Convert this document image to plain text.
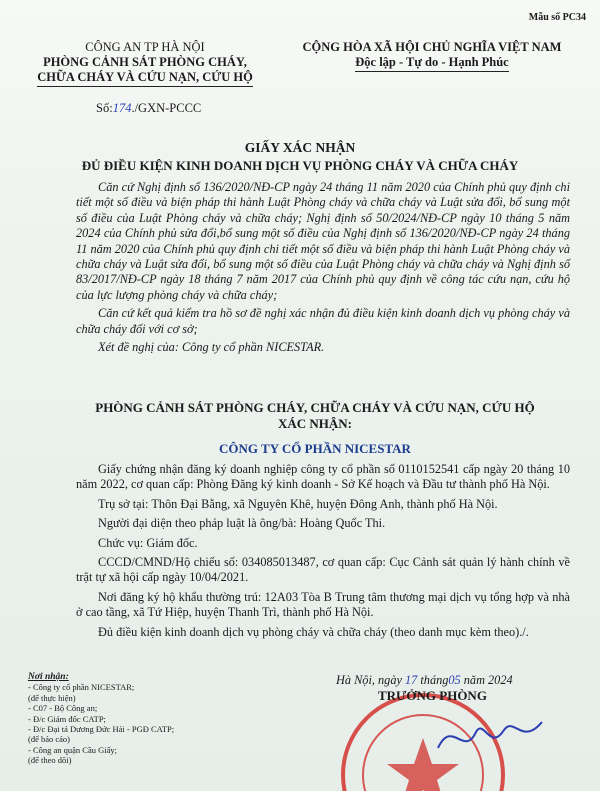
Mẫu số PC34
CÔNG AN TP HÀ NỘI
PHÒNG CẢNH SÁT PHÒNG CHÁY,
CHỮA CHÁY VÀ CỨU NẠN, CỨU HỘ
CỘNG HÒA XÃ HỘI CHỦ NGHĨA VIỆT NAM
Độc lập - Tự do - Hạnh Phúc
Số:174./GXN-PCCC
GIẤY XÁC NHẬN
ĐỦ ĐIỀU KIỆN KINH DOANH DỊCH VỤ PHÒNG CHÁY VÀ CHỮA CHÁY

Căn cứ Nghị định số 136/2020/NĐ-CP ngày 24 tháng 11 năm 2020 của Chính phủ quy định chi tiết một số điều và biện pháp thi hành Luật Phòng cháy và chữa cháy và Luật sửa đổi, bổ sung một số điều của Luật Phòng cháy và chữa cháy; Nghị định số 50/2024/NĐ-CP ngày 10 tháng 5 năm 2024 của Chính phủ sửa đổi,bổ sung một số điều của Nghị định số 136/2020/NĐ-CP ngày 24 tháng 11 năm 2020 của Chính phủ quy định chi tiết một số điều và biện pháp thi hành Luật Phòng cháy và chữa cháy và Luật sửa đổi, bổ sung một số điều của Luật Phòng cháy và chữa cháy và Nghị định số 83/2017/NĐ-CP ngày 18 tháng 7 năm 2017 của Chính phủ quy định về công tác cứu nạn, cứu hộ của lực lượng phòng cháy và chữa cháy;

Căn cứ kết quả kiểm tra hồ sơ đề nghị xác nhận đủ điều kiện kinh doanh dịch vụ phòng cháy và chữa cháy đối với cơ sở;

Xét đề nghị của: Công ty cổ phần NICESTAR.

PHÒNG CẢNH SÁT PHÒNG CHÁY, CHỮA CHÁY VÀ CỨU NẠN, CỨU HỘ
XÁC NHẬN:
CÔNG TY CỔ PHẦN NICESTAR

Giấy chứng nhận đăng ký doanh nghiệp công ty cổ phần số 0110152541 cấp ngày 20 tháng 10 năm 2022, cơ quan cấp: Phòng Đăng ký kinh doanh - Sở Kế hoạch và Đầu tư thành phố Hà Nội.

Trụ sở tại: Thôn Đại Bằng, xã Nguyên Khê, huyện Đông Anh, thành phố Hà Nội.

Người đại diện theo pháp luật là ông/bà: Hoàng Quốc Thi.

Chức vụ: Giám đốc.

CCCD/CMND/Hộ chiếu số: 034085013487, cơ quan cấp: Cục Cảnh sát quản lý hành chính về trật tự xã hội cấp ngày 10/04/2021.

Nơi đăng ký hộ khẩu thường trú: 12A03 Tòa B Trung tâm thương mại dịch vụ tổng hợp và nhà ở cao tầng, xã Tứ Hiệp, huyện Thanh Trì, thành phố Hà Nội.

Đủ điều kiện kinh doanh dịch vụ phòng cháy và chữa cháy (theo danh mục kèm theo)./.

Hà Nội, ngày 17 tháng05 năm 2024
TRƯỞNG PHÒNG
Nơi nhận:
- Công ty cổ phần NICESTAR;
(để thực hiện)
- C07 - Bộ Công an;
- Đ/c Giám đốc CATP;
- Đ/c Đại tá Dương Đức Hải - PGĐ CATP;
(để báo cáo)
- Công an quận Cầu Giấy;
(để theo dõi)
